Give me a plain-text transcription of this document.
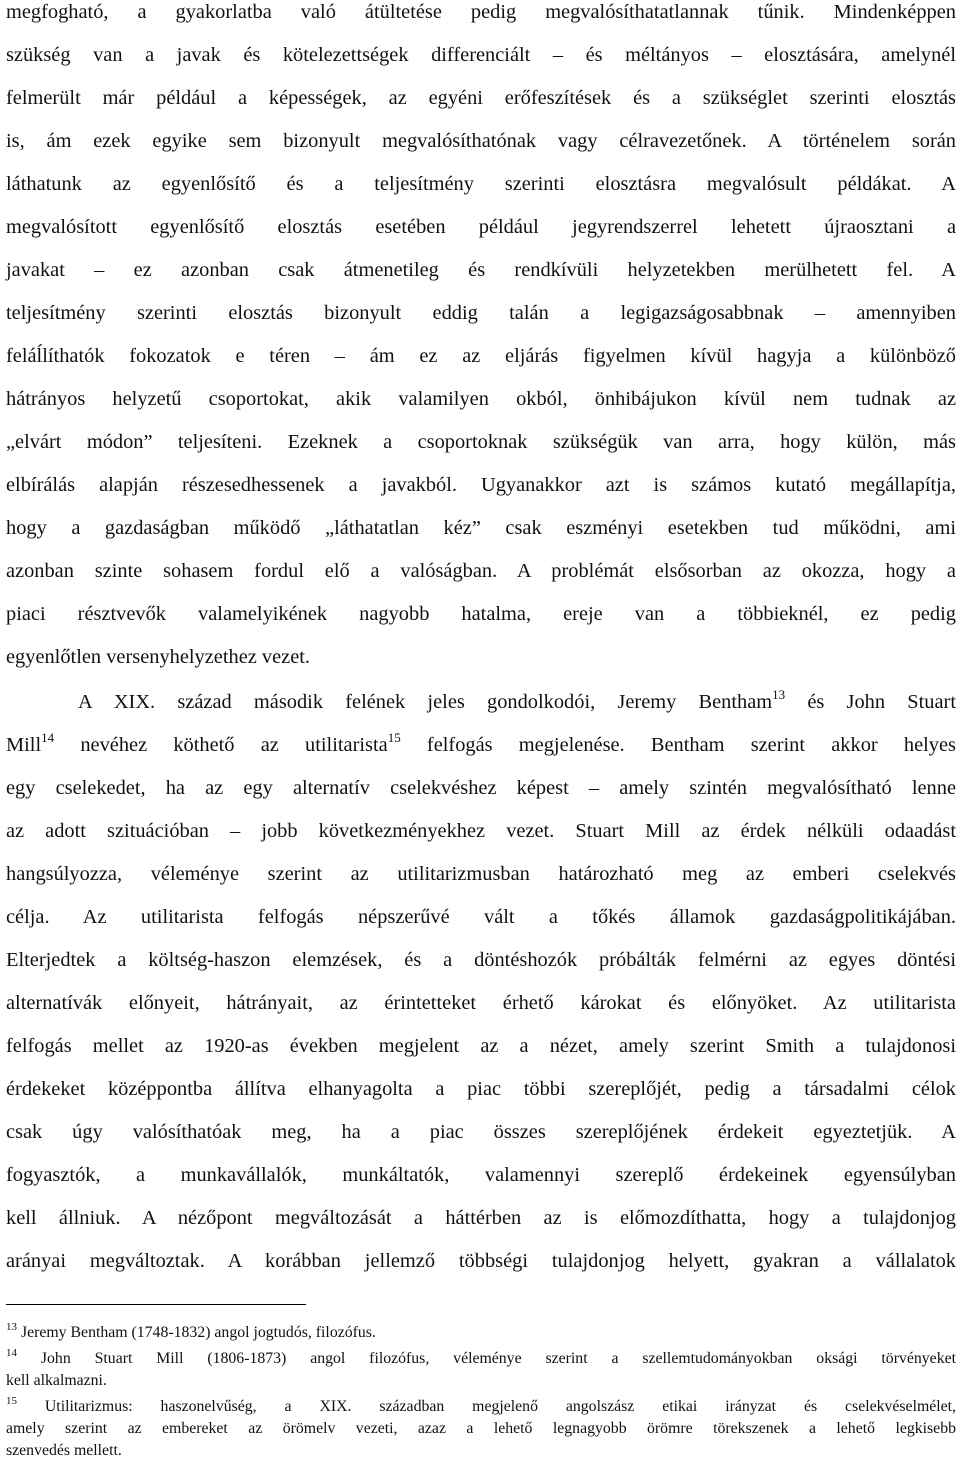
megfogható, a gyakorlatba való átültetése pedig megvalósíthatatlannak tűnik. Mindenképpen
szükség van a javak és kötelezettségek differenciált – és méltányos – elosztására, amelynél
felmerült már például a képességek, az egyéni erőfeszítések és a szükséglet szerinti elosztás
is, ám ezek egyike sem bizonyult megvalósíthatónak vagy célravezetőnek. A történelem során
láthatunk az egyenlősítő és a teljesítmény szerinti elosztásra megvalósult példákat. A
megvalósított egyenlősítő elosztás esetében például jegyrendszerrel lehetett újraosztani a
javakat – ez azonban csak átmenetileg és rendkívüli helyzetekben merülhetett fel. A
teljesítmény szerinti elosztás bizonyult eddig talán a legigazságosabbnak – amennyiben
feláĺlíthatók fokozatok e téren – ám ez az eljárás figyelmen kívül hagyja a különböző
hátrányos helyzetű csoportokat, akik valamilyen okból, önhibájukon kívül nem tudnak az
„elvárt módon” teljesíteni. Ezeknek a csoportoknak szükségük van arra, hogy külön, más
elbírálás alapján részesedhessenek a javakból. Ugyanakkor azt is számos kutató megállapítja,
hogy a gazdaságban működő „láthatatlan kéz” csak eszményi esetekben tud működni, ami
azonban szinte sohasem fordul elő a valóságban. A problémát elsősorban az okozza, hogy a
piaci résztvevők valamelyikének nagyobb hatalma, ereje van a többieknél, ez pedig
egyenlőtlen versenyhelyzethez vezet.
A XIX. század második felének jeles gondolkodói, Jeremy Bentham$^{13}$ és John Stuart
Mill$^{14}$ nevéhez köthető az utilitarista$^{15}$ felfogás megjelenése. Bentham szerint akkor helyes
egy cselekedet, ha az egy alternatív cselekvéshez képest – amely szintén megvalósítható lenne
az adott szituációban – jobb következményekhez vezet. Stuart Mill az érdek nélküli odaadást
hangsúlyozza, véleménye szerint az utilitarizmusban határozható meg az emberi cselekvés
célja. Az utilitarista felfogás népszerűvé vált a tőkés államok gazdaságpolitikájában.
Elterjedtek a költség-haszon elemzések, és a döntéshozók próbálták felmérni az egyes döntési
alternatívák előnyeit, hátrányait, az érintetteket érhető károkat és előnyöket. Az utilitarista
felfogás mellet az 1920-as években megjelent az a nézet, amely szerint Smith a tulajdonosi
érdekeket középpontba állítva elhanyagolta a piac többi szereplőjét, pedig a társadalmi célok
csak úgy valósíthatóak meg, ha a piac összes szereplőjének érdekeit egyeztetjük. A
fogyasztók, a munkavállalók, munkáltatók, valamennyi szereplő érdekeinek egyensúlyban
kell állniuk. A nézőpont megváltozását a háttérben az is előmozdíthatta, hogy a tulajdonjog
arányai megváltoztak. A korábban jellemző többségi tulajdonjog helyett, gyakran a vállalatok
$^{13}$ Jeremy Bentham (1748-1832) angol jogtudós, filozófus.
$^{14}$ John Stuart Mill (1806-1873) angol filozófus, véleménye szerint a szellemtudományokban oksági törvényeket
kell alkalmazni.
$^{15}$ Utilitarizmus: haszonelvűség, a XIX. században megjelenő angolszász etikai irányzat és cselekvéselmélet,
amely szerint az embereket az örömelv vezeti, azaz a lehető legnagyobb örömre törekszenek a lehető legkisebb
szenvedés mellett.
